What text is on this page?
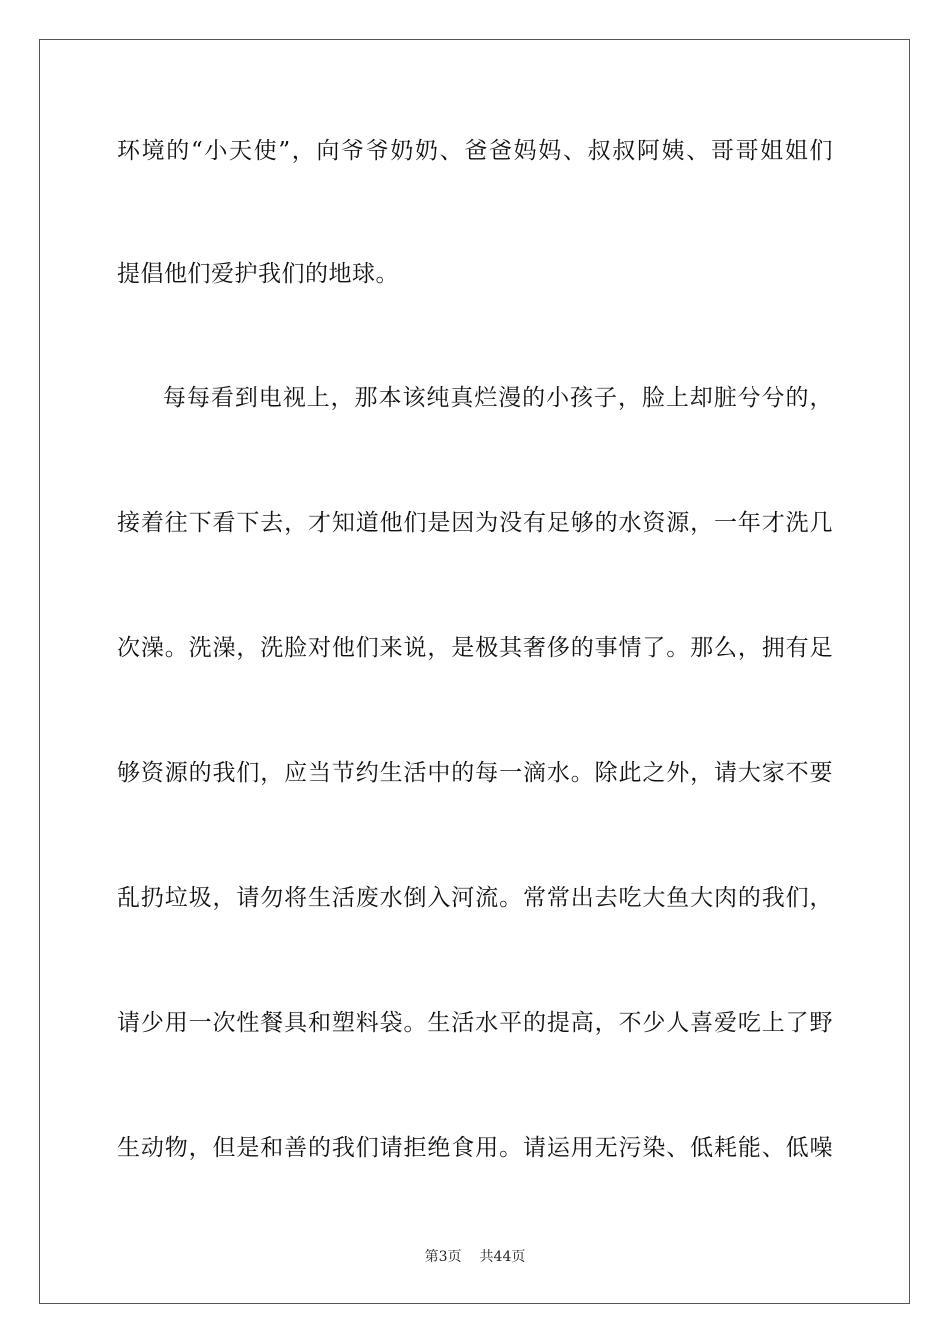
环境的“小天使”，向爷爷奶奶、爸爸妈妈、叔叔阿姨、哥哥姐姐们
提倡他们爱护我们的地球。
每每看到电视上，那本该纯真烂漫的小孩子，脸上却脏兮兮的，
接着往下看下去，才知道他们是因为没有足够的水资源，一年才洗几
次澡。洗澡，洗脸对他们来说，是极其奢侈的事情了。那么，拥有足
够资源的我们，应当节约生活中的每一滴水。除此之外，请大家不要
乱扔垃圾，请勿将生活废水倒入河流。常常出去吃大鱼大肉的我们，
请少用一次性餐具和塑料袋。生活水平的提高，不少人喜爱吃上了野
生动物，但是和善的我们请拒绝食用。请运用无污染、低耗能、低噪
第3页 共44页
